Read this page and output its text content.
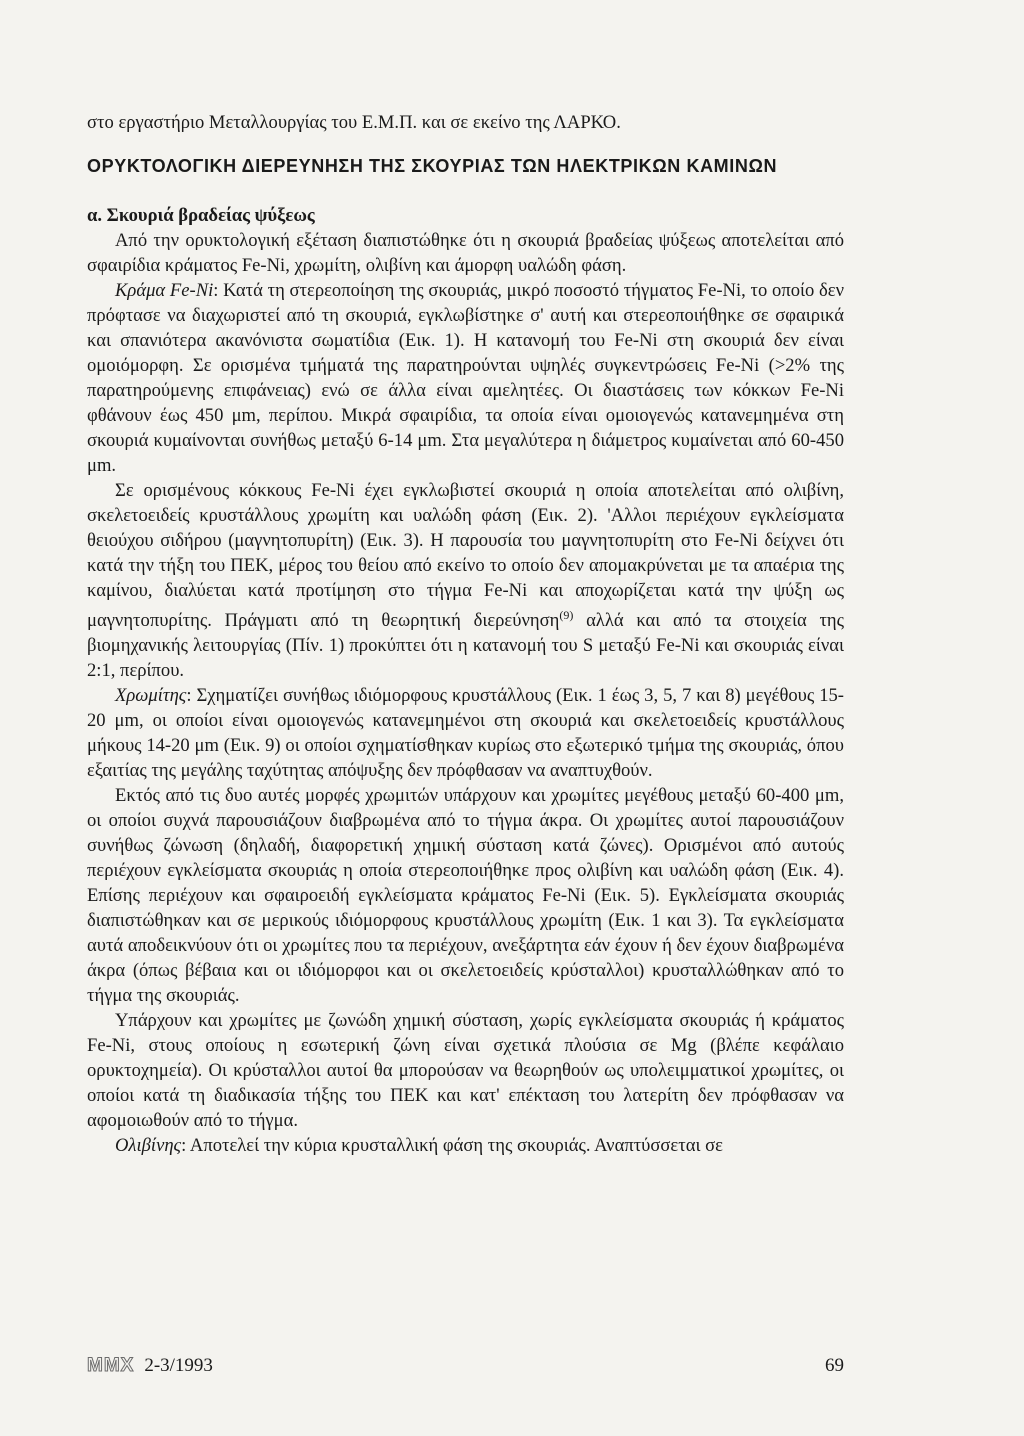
στο εργαστήριο Μεταλλουργίας του Ε.Μ.Π. και σε εκείνο της ΛΑΡΚΟ.

ΟΡΥΚΤΟΛΟΓΙΚΗ ΔΙΕΡΕΥΝΗΣΗ ΤΗΣ ΣΚΟΥΡΙΑΣ ΤΩΝ ΗΛΕΚΤΡΙΚΩΝ ΚΑΜΙΝΩΝ

α. Σκουριά βραδείας ψύξεως

Από την ορυκτολογική εξέταση διαπιστώθηκε ότι η σκουριά βραδείας ψύξεως αποτελείται από σφαιρίδια κράματος Fe-Ni, χρωμίτη, ολιβίνη και άμορφη υαλώδη φάση.

Κράμα Fe-Ni: Κατά τη στερεοποίηση της σκουριάς, μικρό ποσοστό τήγματος Fe-Ni, το οποίο δεν πρόφτασε να διαχωριστεί από τη σκουριά, εγκλωβίστηκε σ' αυτή και στερεοποιήθηκε σε σφαιρικά και σπανιότερα ακανόνιστα σωματίδια (Εικ. 1). Η κατανομή του Fe-Ni στη σκουριά δεν είναι ομοιόμορφη. Σε ορισμένα τμήματά της παρατηρούνται υψηλές συγκεντρώσεις Fe-Ni (>2% της παρατηρούμενης επιφάνειας) ενώ σε άλλα είναι αμελητέες. Οι διαστάσεις των κόκκων Fe-Ni φθάνουν έως 450 μm, περίπου. Μικρά σφαιρίδια, τα οποία είναι ομοιογενώς κατανεμημένα στη σκουριά κυμαίνονται συνήθως μεταξύ 6-14 μm. Στα μεγαλύτερα η διάμετρος κυμαίνεται από 60-450 μm.

Σε ορισμένους κόκκους Fe-Ni έχει εγκλωβιστεί σκουριά η οποία αποτελείται από ολιβίνη, σκελετοειδείς κρυστάλλους χρωμίτη και υαλώδη φάση (Εικ. 2). 'Αλλοι περιέχουν εγκλείσματα θειούχου σιδήρου (μαγνητοπυρίτη) (Εικ. 3). Η παρουσία του μαγνητοπυρίτη στο Fe-Ni δείχνει ότι κατά την τήξη του ΠΕΚ, μέρος του θείου από εκείνο το οποίο δεν απομακρύνεται με τα απαέρια της καμίνου, διαλύεται κατά προτίμηση στο τήγμα Fe-Ni και αποχωρίζεται κατά την ψύξη ως μαγνητοπυρίτης. Πράγματι από τη θεωρητική διερεύνηση$^{(9)}$ αλλά και από τα στοιχεία της βιομηχανικής λειτουργίας (Πίν. 1) προκύπτει ότι η κατανομή του S μεταξύ Fe-Ni και σκουριάς είναι 2:1, περίπου.

Χρωμίτης: Σχηματίζει συνήθως ιδιόμορφους κρυστάλλους (Εικ. 1 έως 3, 5, 7 και 8) μεγέθους 15-20 μm, οι οποίοι είναι ομοιογενώς κατανεμημένοι στη σκουριά και σκελετοειδείς κρυστάλλους μήκους 14-20 μm (Εικ. 9) οι οποίοι σχηματίσθηκαν κυρίως στο εξωτερικό τμήμα της σκουριάς, όπου εξαιτίας της μεγάλης ταχύτητας απόψυξης δεν πρόφθασαν να αναπτυχθούν.

Εκτός από τις δυο αυτές μορφές χρωμιτών υπάρχουν και χρωμίτες μεγέθους μεταξύ 60-400 μm, οι οποίοι συχνά παρουσιάζουν διαβρωμένα από το τήγμα άκρα. Οι χρωμίτες αυτοί παρουσιάζουν συνήθως ζώνωση (δηλαδή, διαφορετική χημική σύσταση κατά ζώνες). Ορισμένοι από αυτούς περιέχουν εγκλείσματα σκουριάς η οποία στερεοποιήθηκε προς ολιβίνη και υαλώδη φάση (Εικ. 4). Επίσης περιέχουν και σφαιροειδή εγκλείσματα κράματος Fe-Ni (Εικ. 5). Εγκλείσματα σκουριάς διαπιστώθηκαν και σε μερικούς ιδιόμορφους κρυστάλλους χρωμίτη (Εικ. 1 και 3). Τα εγκλείσματα αυτά αποδεικνύουν ότι οι χρωμίτες που τα περιέχουν, ανεξάρτητα εάν έχουν ή δεν έχουν διαβρωμένα άκρα (όπως βέβαια και οι ιδιόμορφοι και οι σκελετοειδείς κρύσταλλοι) κρυσταλλώθηκαν από το τήγμα της σκουριάς.

Υπάρχουν και χρωμίτες με ζωνώδη χημική σύσταση, χωρίς εγκλείσματα σκουριάς ή κράματος Fe-Ni, στους οποίους η εσωτερική ζώνη είναι σχετικά πλούσια σε Mg (βλέπε κεφάλαιο ορυκτοχημεία). Οι κρύσταλλοι αυτοί θα μπορούσαν να θεωρηθούν ως υπολειμματικοί χρωμίτες, οι οποίοι κατά τη διαδικασία τήξης του ΠΕΚ και κατ' επέκταση του λατερίτη δεν πρόφθασαν να αφομοιωθούν από το τήγμα.

Ολιβίνης: Αποτελεί την κύρια κρυσταλλική φάση της σκουριάς. Αναπτύσσεται σε

ΜΜΧ 2-3/1993	69
